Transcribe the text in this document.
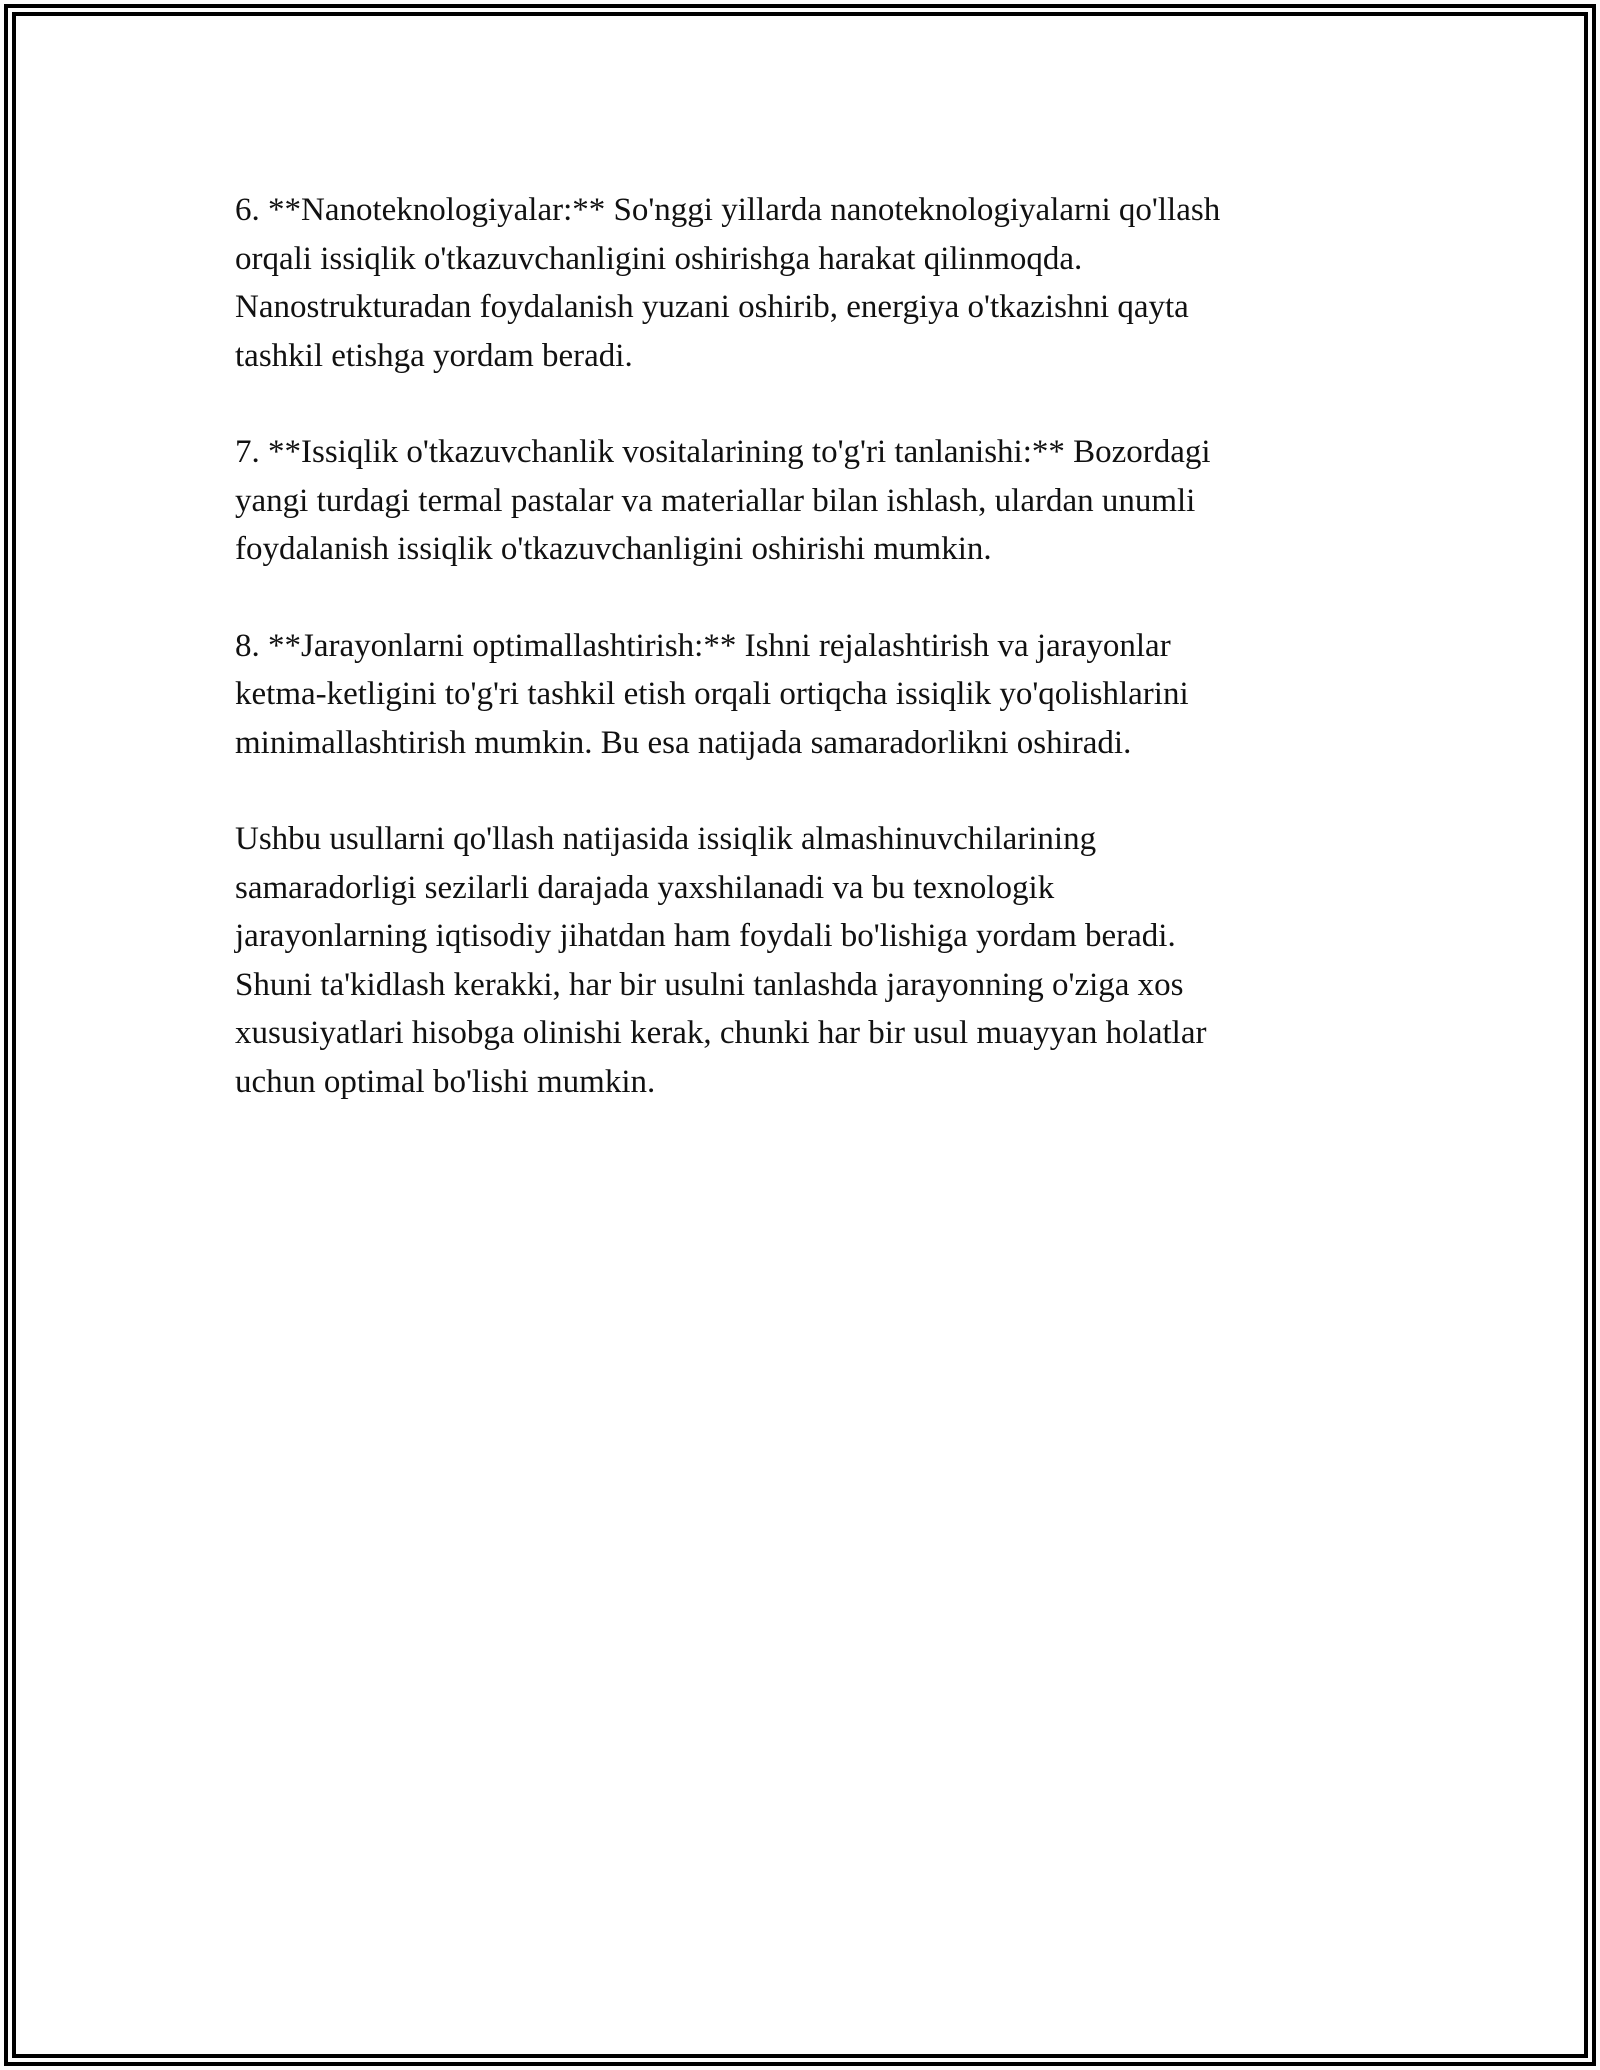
6. **Nanoteknologiyalar:** So'nggi yillarda nanoteknologiyalarni qo'llash
orqali issiqlik o'tkazuvchanligini oshirishga harakat qilinmoqda.
Nanostrukturadan foydalanish yuzani oshirib, energiya o'tkazishni qayta
tashkil etishga yordam beradi.

7. **Issiqlik o'tkazuvchanlik vositalarining to'g'ri tanlanishi:** Bozordagi
yangi turdagi termal pastalar va materiallar bilan ishlash, ulardan unumli
foydalanish issiqlik o'tkazuvchanligini oshirishi mumkin.

8. **Jarayonlarni optimallashtirish:** Ishni rejalashtirish va jarayonlar
ketma-ketligini to'g'ri tashkil etish orqali ortiqcha issiqlik yo'qolishlarini
minimallashtirish mumkin. Bu esa natijada samaradorlikni oshiradi.

Ushbu usullarni qo'llash natijasida issiqlik almashinuvchilarining
samaradorligi sezilarli darajada yaxshilanadi va bu texnologik
jarayonlarning iqtisodiy jihatdan ham foydali bo'lishiga yordam beradi.
Shuni ta'kidlash kerakki, har bir usulni tanlashda jarayonning o'ziga xos
xususiyatlari hisobga olinishi kerak, chunki har bir usul muayyan holatlar
uchun optimal bo'lishi mumkin.
